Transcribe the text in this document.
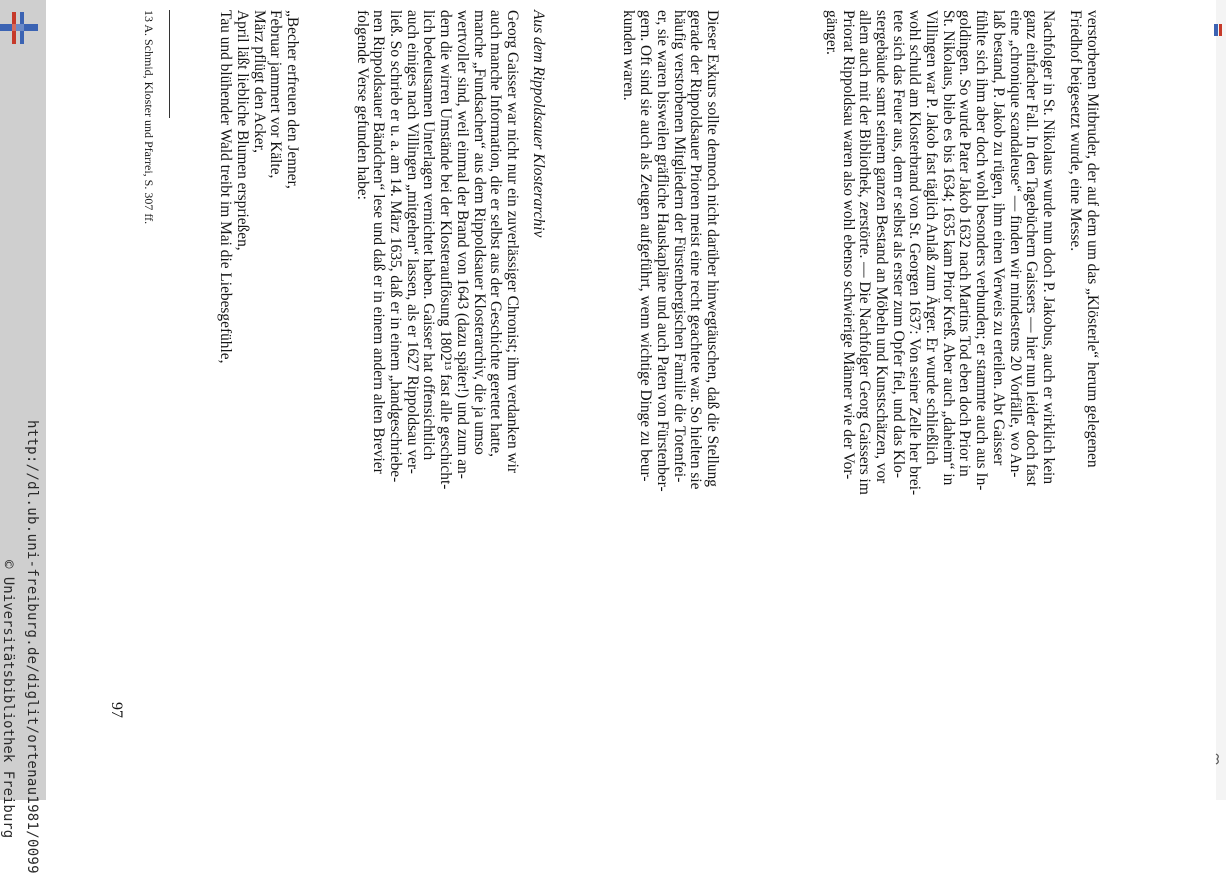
http://dl.ub.uni-freiburg.de/diglit/ortenau1981/0099
© Universitätsbibliothek Freiburg

verstorbenen Mitbruder, der auf dem um das „Klösterle“ herum gelegenen
Friedhof beigesetzt wurde, eine Messe.

Nachfolger in St. Nikolaus wurde nun doch P. Jakobus, auch er wirklich kein
ganz einfacher Fall. In den Tagebüchern Gaissers — hier nun leider doch fast
eine „chronique scandaleuse“ — finden wir mindestens 20 Vorfälle, wo An-
laß bestand, P. Jakob zu rügen, ihm einen Verweis zu erteilen. Abt Gaisser
fühlte sich ihm aber doch wohl besonders verbunden; er stammte auch aus In-
goldingen. So wurde Pater Jakob 1632 nach Martins Tod eben doch Prior in
St. Nikolaus, blieb es bis 1634; 1635 kam Prior Kreß. Aber auch „daheim“ in
Villingen war P. Jakob fast täglich Anlaß zum Ärger. Er wurde schließlich
wohl schuld am Klosterbrand von St. Georgen 1637: Von seiner Zelle her brei-
tete sich das Feuer aus, dem er selbst als erster zum Opfer fiel, und das Klo-
stergebäude samt seinem ganzen Bestand an Möbeln und Kunstschätzen, vor
allem auch mit der Bibliothek, zerstörte. — Die Nachfolger Georg Gaissers im
Priorat Rippoldsau waren also wohl ebenso schwierige Männer wie der Vor-
gänger.

Dieser Exkurs sollte dennoch nicht darüber hinwegtäuschen, daß die Stellung
gerade der Rippoldsauer Prioren meist eine recht geachtete war. So hielten sie
häufig verstorbenen Mitgliedern der Fürstenbergischen Familie die Totenfei-
er, sie waren bisweilen gräfliche Hauskapläne und auch Paten von Fürstenber-
gern. Oft sind sie auch als Zeugen aufgeführt, wenn wichtige Dinge zu beur-
kunden waren.

Aus dem Rippoldsauer Klosterarchiv

Georg Gaisser war nicht nur ein zuverlässiger Chronist; ihm verdanken wir
auch manche Information, die er selbst aus der Geschichte gerettet hatte,
manche „Fundsachen“ aus dem Rippoldsauer Klosterarchiv, die ja umso
wertvoller sind, weil einmal der Brand von 1643 (dazu später!) und zum an-
dern die wirren Umstände bei der Klosterauflösung 1802¹³ fast alle geschicht-
lich bedeutsamen Unterlagen vernichtet haben. Gaisser hat offensichtlich
auch einiges nach Villingen „mitgehen“ lassen, als er 1627 Rippoldsau ver-
ließ. So schrieb er u. a. am 14. März 1635, daß er in einem „handgeschriebe-
nen Rippoldsauer Bändchen“ lese und daß er in einem andern alten Brevier
folgende Verse gefunden habe:

„Becher erfreuen den Jenner,
Februar jammert vor Kälte,
März pflügt den Acker,
April läßt liebliche Blumen ersprießen,
Tau und blühender Wald treibt im Mai die Liebesgefühle,

13 A. Schmid, Kloster und Pfarrei, S. 307 ff.

97
